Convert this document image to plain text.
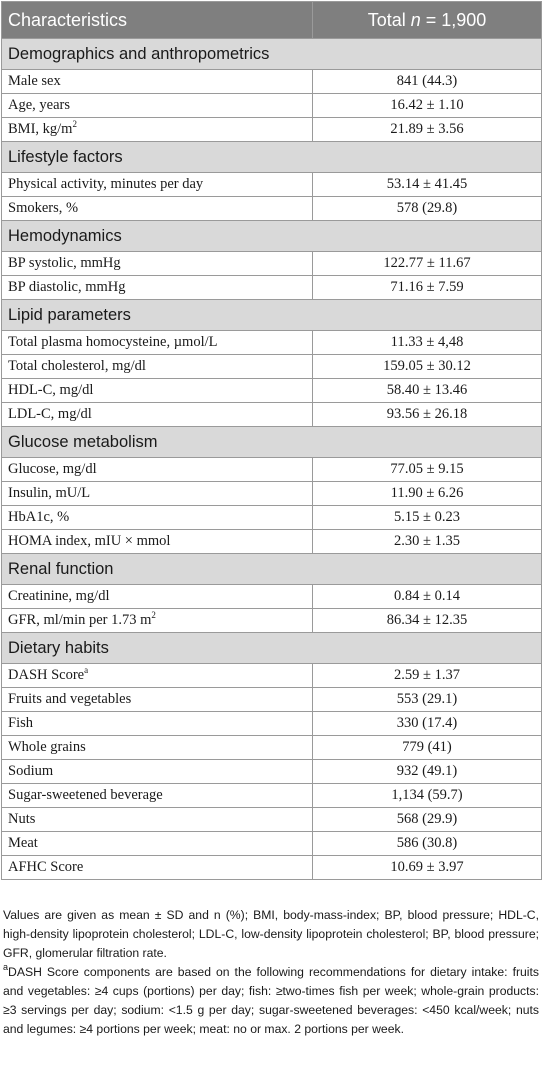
Characteristics	Total n = 1,900
Demographics and anthropometrics	
Male sex	841 (44.3)
Age, years	16.42 ± 1.10
BMI, $kg/m^2$	21.89 ± 3.56
Lifestyle factors	
Physical activity, minutes per day	53.14 ± 41.45
Smokers, %	578 (29.8)
Hemodynamics	
BP systolic, mmHg	122.77 ± 11.67
BP diastolic, mmHg	71.16 ± 7.59
Lipid parameters	
Total plasma homocysteine, µmol/L	11.33 ± 4,48
Total cholesterol, mg/dl	159.05 ± 30.12
HDL-C, mg/dl	58.40 ± 13.46
LDL-C, mg/dl	93.56 ± 26.18
Glucose metabolism	
Glucose, mg/dl	77.05 ± 9.15
Insulin, mU/L	11.90 ± 6.26
HbA1c, %	5.15 ± 0.23
HOMA index, mIU × mmol	2.30 ± 1.35
Renal function	
Creatinine, mg/dl	0.84 ± 0.14
GFR, ml/min per 1.73 $m^2$	86.34 ± 12.35
Dietary habits	
DASH Score$^a$	2.59 ± 1.37
Fruits and vegetables	553 (29.1)
Fish	330 (17.4)
Whole grains	779 (41)
Sodium	932 (49.1)
Sugar-sweetened beverage	1,134 (59.7)
Nuts	568 (29.9)
Meat	586 (30.8)
AFHC Score	10.69 ± 3.97

Values are given as mean ± SD and n (%); BMI, body-mass-index; BP, blood pressure; HDL-C, high-density lipoprotein cholesterol; LDL-C, low-density lipoprotein cholesterol; BP, blood pressure; GFR, glomerular filtration rate.

$^a$DASH Score components are based on the following recommendations for dietary intake: fruits and vegetables: ≥4 cups (portions) per day; fish: ≥two-times fish per week; whole-grain products: ≥3 servings per day; sodium: <1.5 g per day; sugar-sweetened beverages: <450 kcal/week; nuts and legumes: ≥4 portions per week; meat: no or max. 2 portions per week.
